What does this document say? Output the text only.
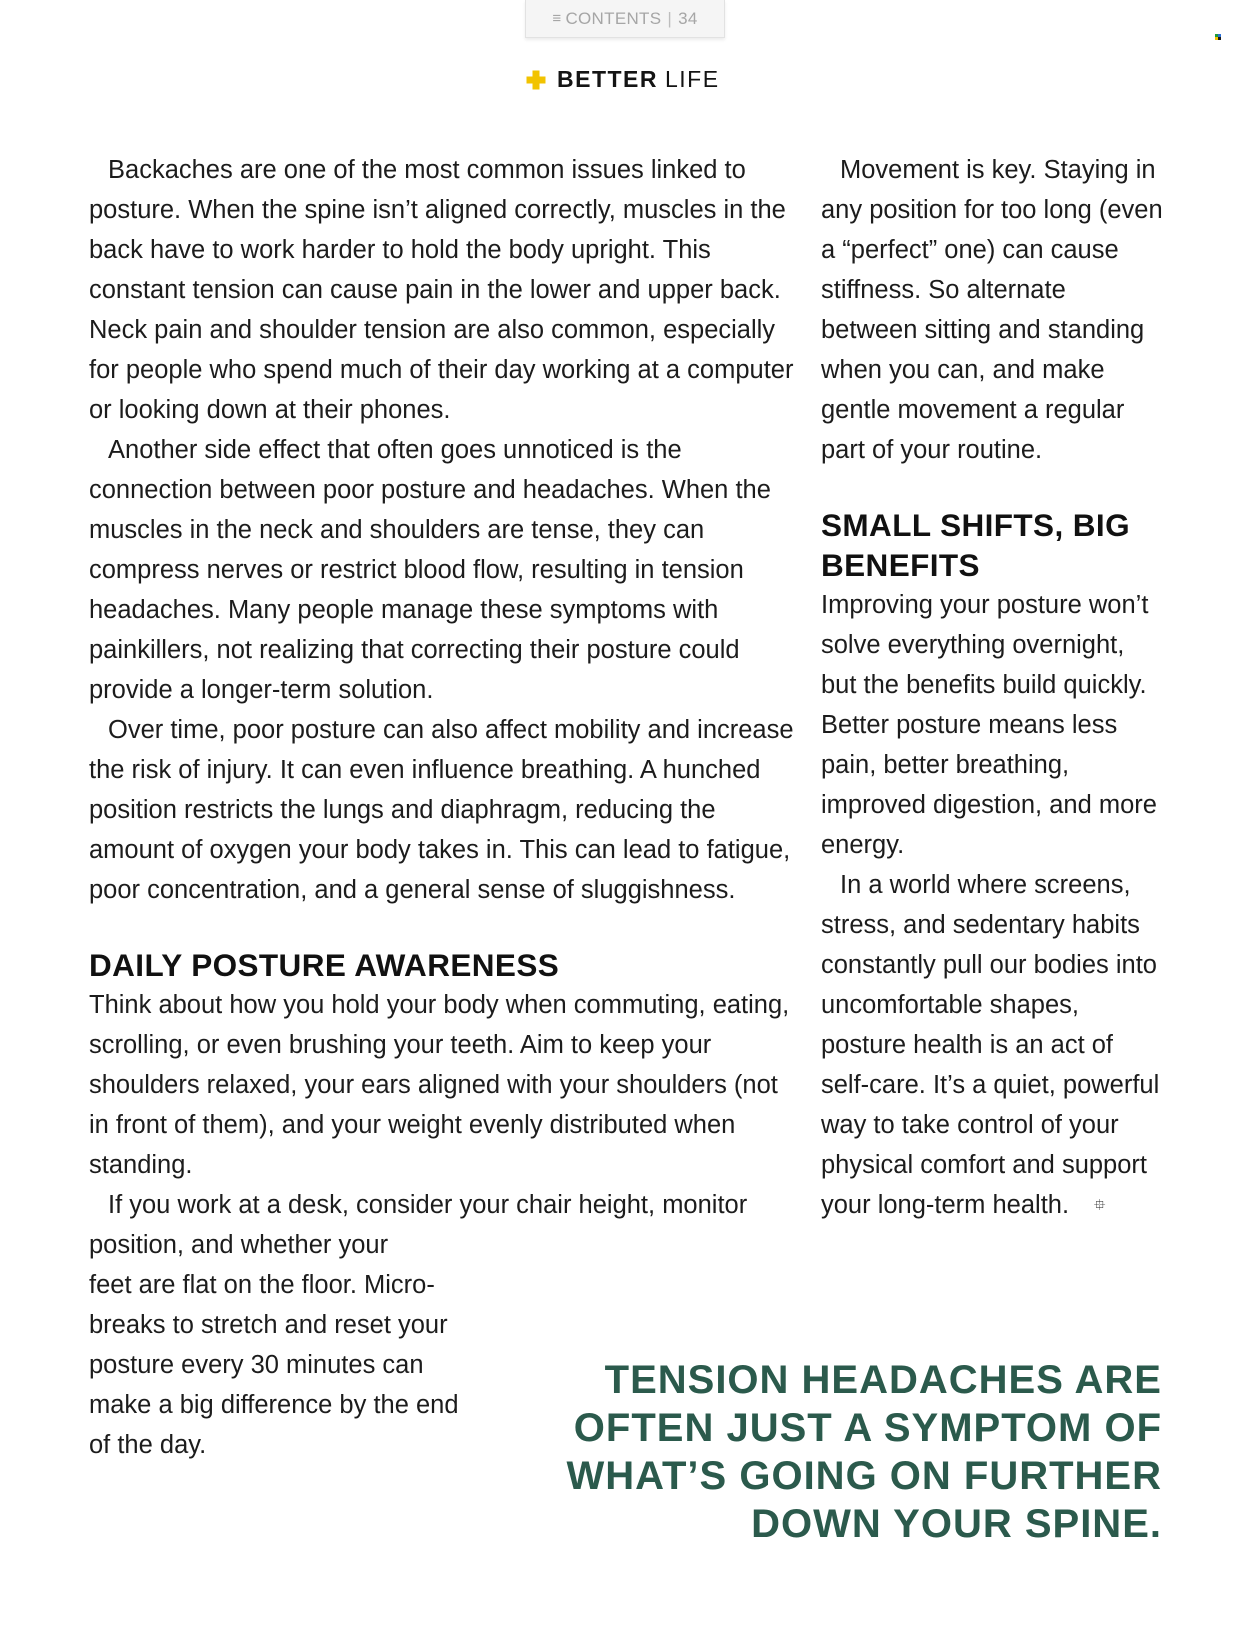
≡ CONTENTS | 34
BETTER LIFE

Backaches are one of the most common issues linked to posture. When the spine isn’t aligned correctly, muscles in the back have to work harder to hold the body upright. This constant tension can cause pain in the lower and upper back. Neck pain and shoulder tension are also common, especially for people who spend much of their day working at a computer or looking down at their phones.

Another side effect that often goes unnoticed is the connection between poor posture and headaches. When the muscles in the neck and shoulders are tense, they can compress nerves or restrict blood flow, resulting in tension headaches. Many people manage these symptoms with painkillers, not realizing that correcting their posture could provide a longer-term solution.

Over time, poor posture can also affect mobility and increase the risk of injury. It can even influence breathing. A hunched position restricts the lungs and diaphragm, reducing the amount of oxygen your body takes in. This can lead to fatigue, poor concentration, and a general sense of sluggishness.

DAILY POSTURE AWARENESS

Think about how you hold your body when commuting, eating, scrolling, or even brushing your teeth. Aim to keep your shoulders relaxed, your ears aligned with your shoulders (not in front of them), and your weight evenly distributed when standing.

If you work at a desk, consider your chair height, monitor position, and whether your

feet are flat on the floor. Micro-breaks to stretch and reset your posture every 30 minutes can make a big difference by the end of the day.

Movement is key. Staying in any position for too long (even a “perfect” one) can cause stiffness. So alternate between sitting and standing when you can, and make gentle movement a regular part of your routine.

SMALL SHIFTS, BIG BENEFITS

Improving your posture won’t solve everything overnight, but the benefits build quickly. Better posture means less pain, better breathing, improved digestion, and more energy.

In a world where screens, stress, and sedentary habits constantly pull our bodies into uncomfortable shapes, posture health is an act of self-care. It’s a quiet, powerful way to take control of your physical comfort and support your long-term health. ⯐

TENSION HEADACHES ARE
OFTEN JUST A SYMPTOM OF
WHAT’S GOING ON FURTHER
DOWN YOUR SPINE.
